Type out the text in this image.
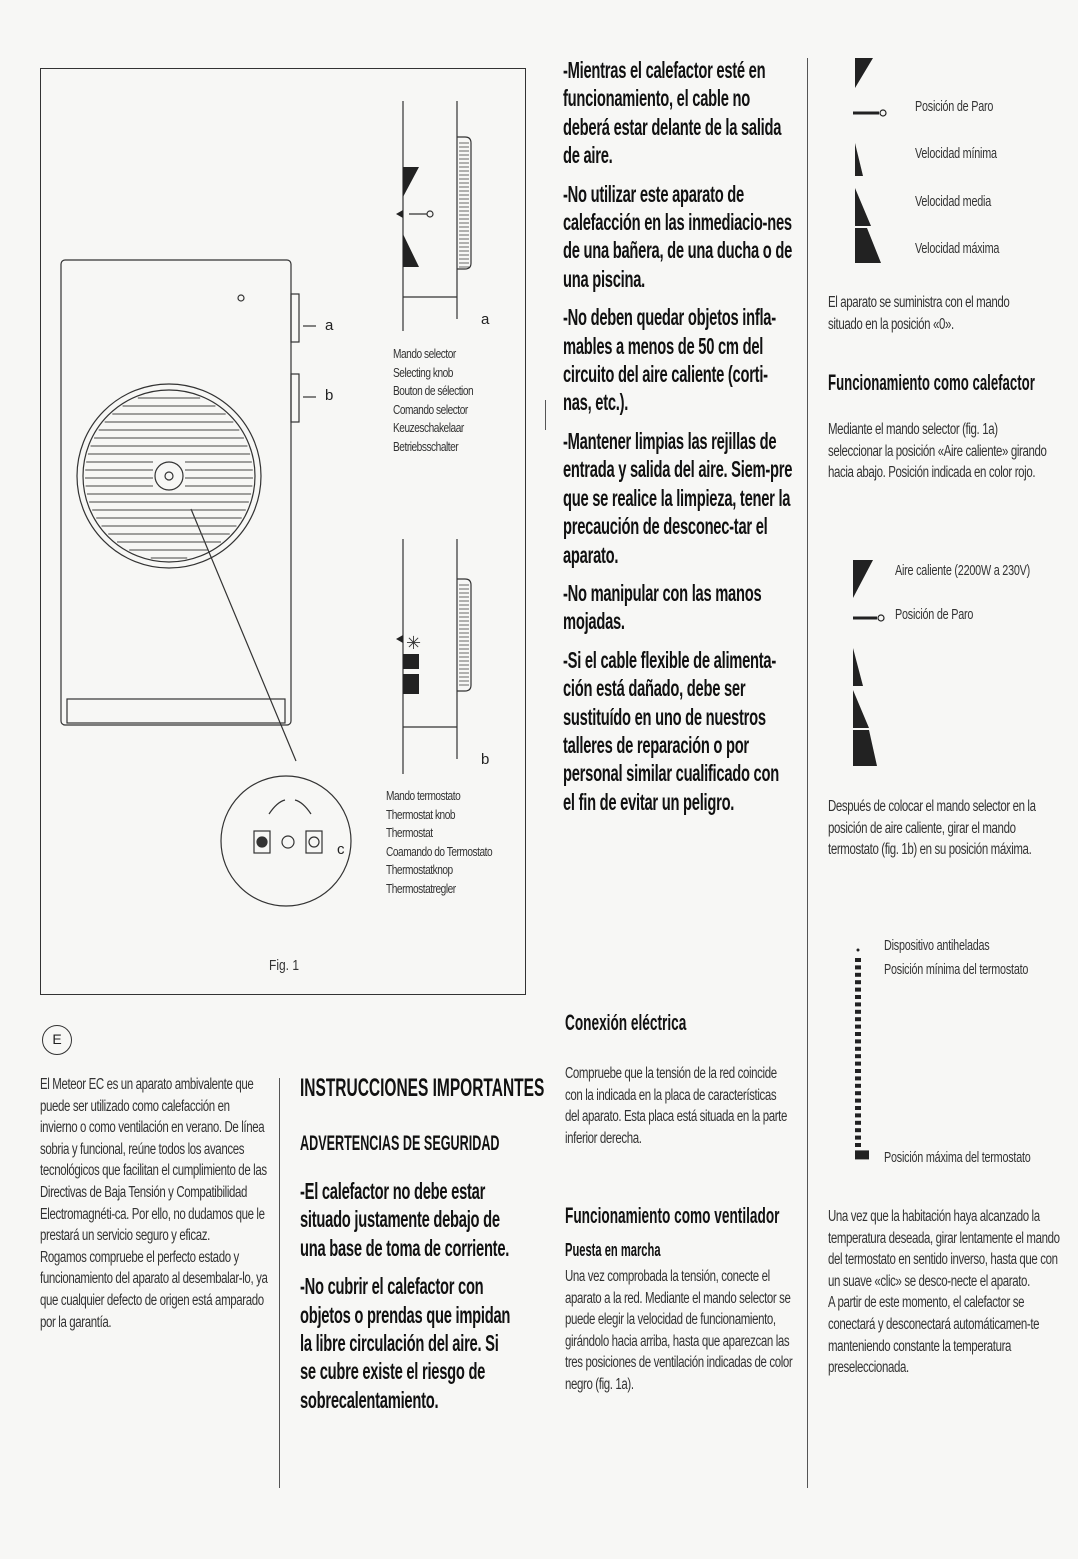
✳
a
b
a
b
c
Mando selector
Selecting knob
Bouton de sélection
Comando selector
Keuzeschakelaar
Betriebsschalter
Mando termostato
Thermostat knob
Thermostat
Coamando do Termostato
Thermostatknop
Thermostatregler
Fig. 1
E

El Meteor EC es un aparato ambivalente que puede ser utilizado como calefacción en invierno o como ventilación en verano. De línea sobria y funcional, reúne todos los avances tecnológicos que facilitan el cumplimiento de las Directivas de Baja Tensión y Compatibilidad Electromagnéti-ca. Por ello, no dudamos que le prestará un servicio seguro y eficaz.

Rogamos compruebe el perfecto estado y funcionamiento del aparato al desembalar-lo, ya que cualquier defecto de origen está amparado por la garantía.

INSTRUCCIONES IMPORTANTES
ADVERTENCIAS DE SEGURIDAD

-El calefactor no debe estar situado justamente debajo de una base de toma de corriente.

-No cubrir el calefactor con objetos o prendas que impidan la libre circulación del aire. Si se cubre existe el riesgo de sobrecalentamiento.

-Mientras el calefactor esté en funcionamiento, el cable no deberá estar delante de la salida de aire.

-No utilizar este aparato de calefacción en las inmediacio-nes de una bañera, de una ducha o de una piscina.

-No deben quedar objetos infla-mables a menos de 50 cm del circuito del aire caliente (corti-nas, etc.).

-Mantener limpias las rejillas de entrada y salida del aire. Siem-pre que se realice la limpieza, tener la precaución de desconec-tar el aparato.

-No manipular con las manos mojadas.

-Si el cable flexible de alimenta-ción está dañado, debe ser sustituído en uno de nuestros talleres de reparación o por personal similar cualificado con el fin de evitar un peligro.

Conexión eléctrica
Compruebe que la tensión de la red coincide con la indicada en la placa de características del aparato. Esta placa está situada en la parte inferior derecha.
Funcionamiento como ventilador
Puesta en marcha
Una vez comprobada la tensión, conecte el aparato a la red. Mediante el mando selector se puede elegir la velocidad de funcionamiento, girándolo hacia arriba, hasta que aparezcan las tres posiciones de ventilación indicadas de color negro (fig. 1a).
Posición de Paro
Velocidad mínima
Velocidad media
Velocidad máxima
El aparato se suministra con el mando situado en la posición «0».
Funcionamiento como calefactor
Mediante el mando selector (fig. 1a) seleccionar la posición «Aire caliente» girando hacia abajo. Posición indicada en color rojo.
Aire caliente (2200W a 230V)
Posición de Paro
Después de colocar el mando selector en la posición de aire caliente, girar el mando termostato (fig. 1b) en su posición máxima.
Dispositivo antiheladas
Posición mínima del termostato
Posición máxima del termostato

Una vez que la habitación haya alcanzado la temperatura deseada, girar lentamente el mando del termostato en sentido inverso, hasta que con un suave «clic» se desco-necte el aparato.

A partir de este momento, el calefactor se conectará y desconectará automáticamen-te manteniendo constante la temperatura preseleccionada.
